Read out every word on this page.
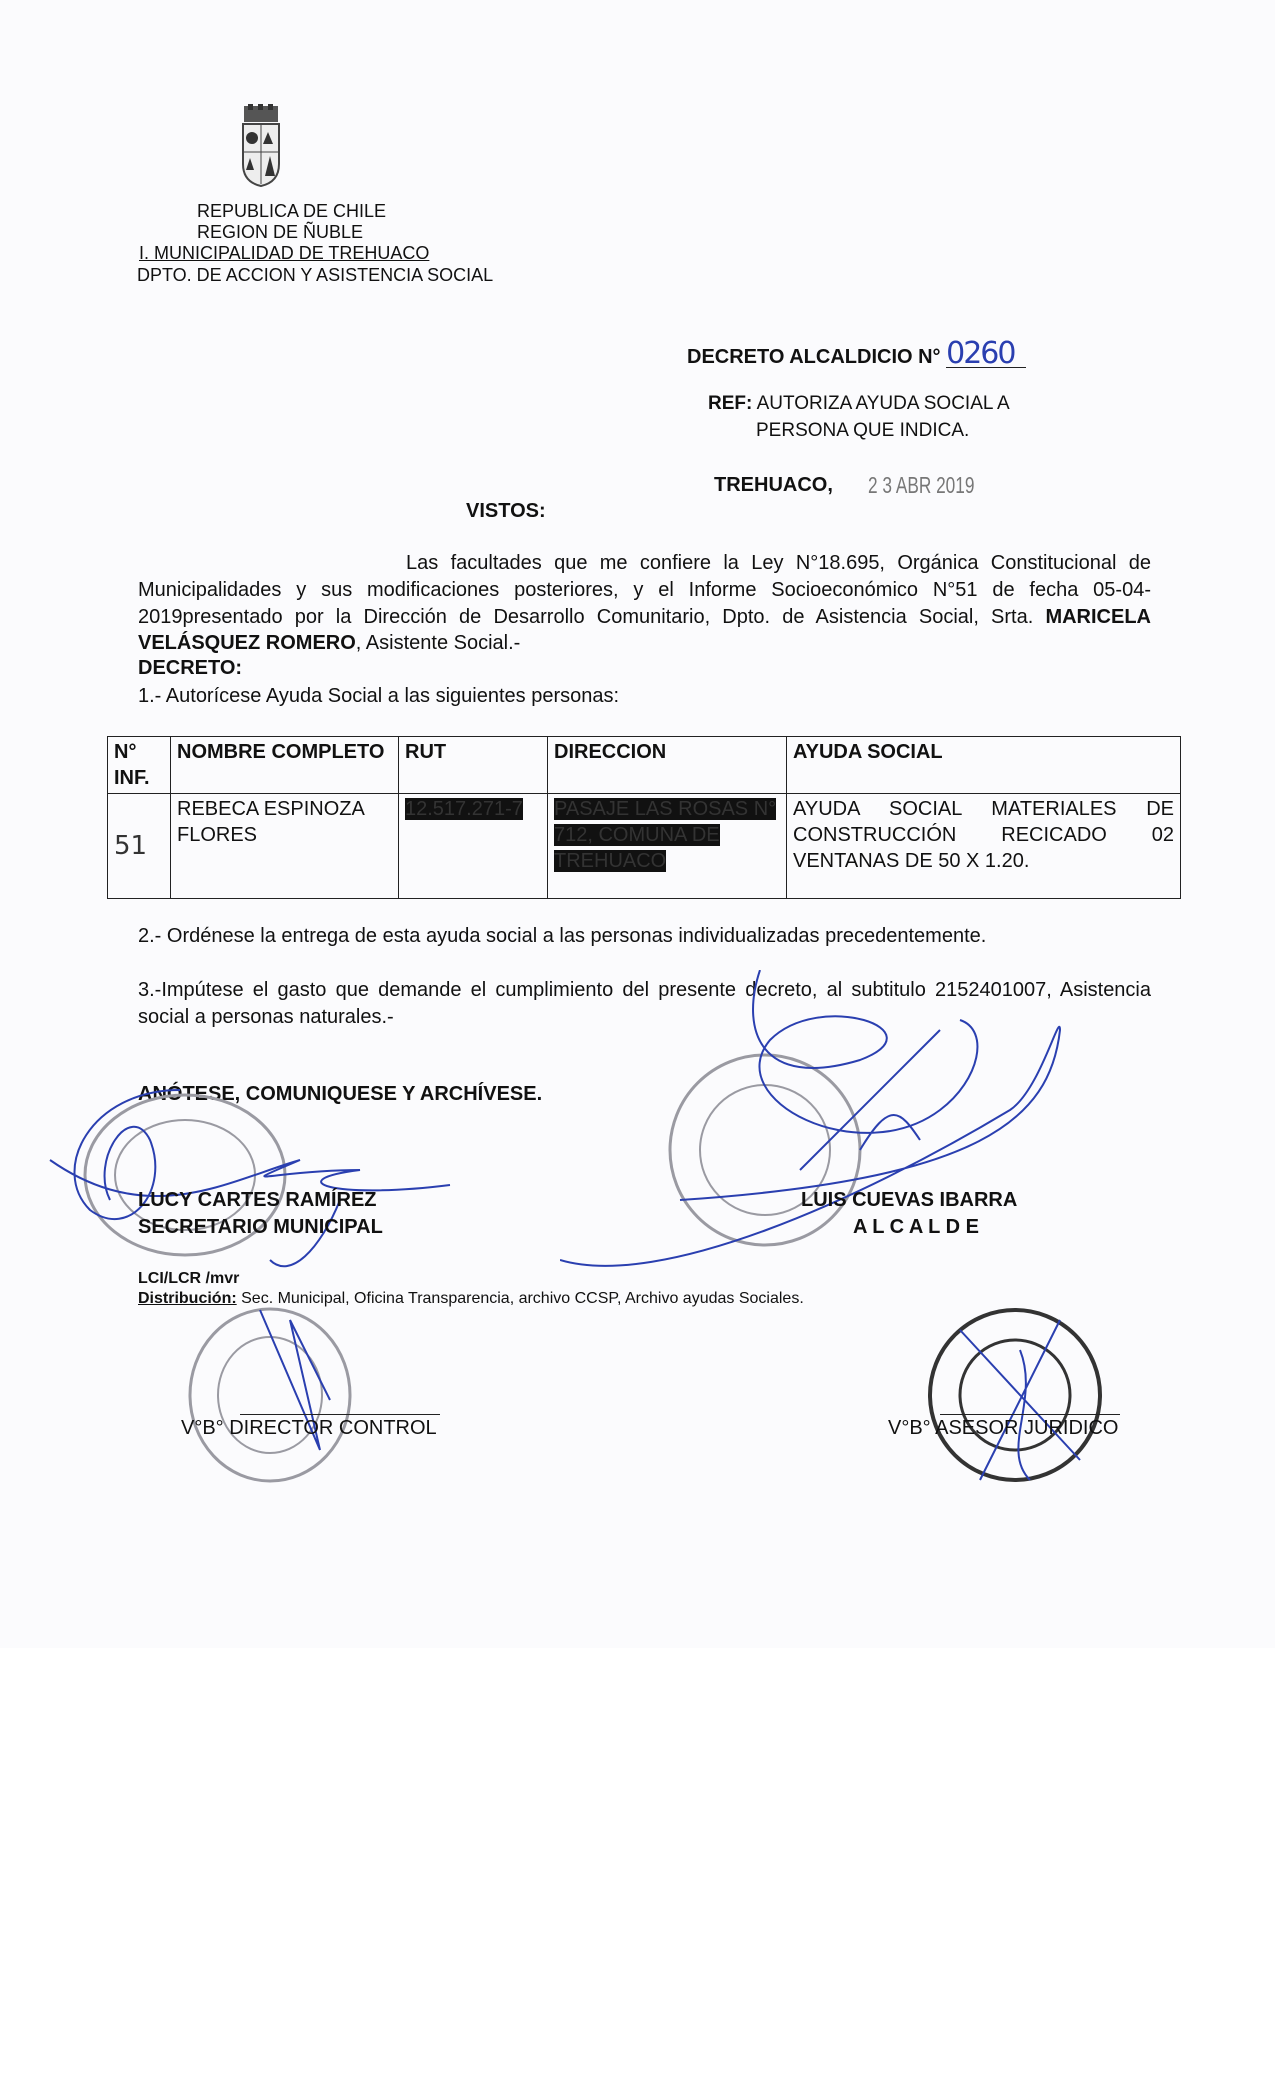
REPUBLICA DE CHILE
REGION DE ÑUBLE
I. MUNICIPALIDAD DE TREHUACO
DPTO. DE ACCION Y ASISTENCIA SOCIAL
DECRETO ALCALDICIO N° 0260
REF: AUTORIZA AYUDA SOCIAL A
PERSONA QUE INDICA.
TREHUACO, 2 3 ABR 2019
VISTOS:
Las facultades que me confiere la Ley N°18.695, Orgánica Constitucional de Municipalidades y sus modificaciones posteriores, y el Informe Socioeconómico N°51 de fecha 05-04-2019presentado por la Dirección de Desarrollo Comunitario, Dpto. de Asistencia Social, Srta. MARICELA VELÁSQUEZ ROMERO, Asistente Social.-
DECRETO:
1.- Autorícese Ayuda Social a las siguientes personas:
N° INF.	NOMBRE COMPLETO	RUT	DIRECCION	AYUDA SOCIAL
51	REBECA ESPINOZA FLORES	12.517.271-7	PASAJE LAS ROSAS N° 712, COMUNA DE TREHUACO	AYUDA SOCIAL MATERIALES DE CONSTRUCCIÓN RECICADO 02 VENTANAS DE 50 X 1.20.
2.- Ordénese la entrega de esta ayuda social a las personas individualizadas precedentemente.
3.-Impútese el gasto que demande el cumplimiento del presente decreto, al subtitulo 2152401007, Asistencia social a personas naturales.-
ANÓTESE, COMUNIQUESE Y ARCHÍVESE.
LUCY CARTES RAMÍREZ
SECRETARIO MUNICIPAL
LUIS CUEVAS IBARRA
A L C A L D E
LCI/LCR /mvr
Distribución: Sec. Municipal, Oficina Transparencia, archivo CCSP, Archivo ayudas Sociales.
V°B° DIRECTOR CONTROL	V°B° ASESOR JURIDICO
